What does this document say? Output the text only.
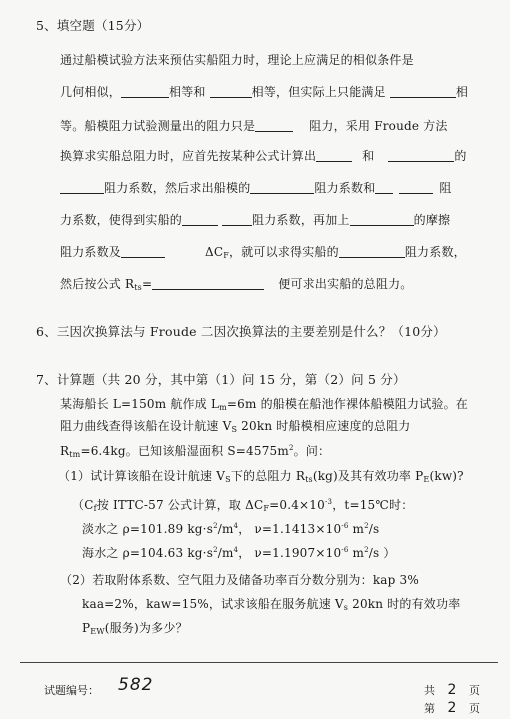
5、填空题（15分）
通过船模试验方法来预估实船阻力时，理论上应满足的相似条件是
几何相似，	相等和	相等，但实际上只能满足	相
等。船模阻力试验测量出的阻力只是	阻力，采用 Froude 方法
换算求实船总阻力时，应首先按某种公式计算出	和	的
阻力系数，然后求出船模的	阻力系数和	阻
力系数，使得到实船的	阻力系数，再加上	的摩擦
阻力系数及	$\Delta C_F$，就可以求得实船的	阻力系数，
然后按公式 $R_{ts}=$	便可求出实船的总阻力。
6、三因次换算法与 Froude 二因次换算法的主要差别是什么？（10分）
7、计算题（共 20 分，其中第（1）问 15 分，第（2）问 5 分）
某海船长 L=150m 航作成 $L_m=6m$ 的船模在船池作裸体船模阻力试验。在
阻力曲线查得该船在设计航速 $V_S$ 20kn 时船模相应速度的总阻力
$R_{tm}=6.4kg$。已知该船湿面积 $S=4575m^2$。问：
（1）试计算该船在设计航速 $V_S$下的总阻力 $R_{ts}(kg)$及其有效功率 $P_E(kw)$?
（$C_f$按 ITTC-57 公式计算，取 $\Delta C_F=0.4\times 10^{-3}$，t=15℃时：
淡水之 ρ=101.89 $kg\cdot s^2/m^4$， $\nu=1.1413\times 10^{-6}$ $m^2/s$
海水之 ρ=104.63 $kg\cdot s^2/m^4$， $\nu=1.1907\times 10^{-6}$ $m^2/s$ ）
（2）若取附体系数、空气阻力及储备功率百分数分别为：kap 3%
kaa=2%，kaw=15%，试求该船在服务航速 $V_s$ 20kn 时的有效功率
$P_{EW}$(服务)为多少？
试题编号： 582	共 2 页
第 2 页
